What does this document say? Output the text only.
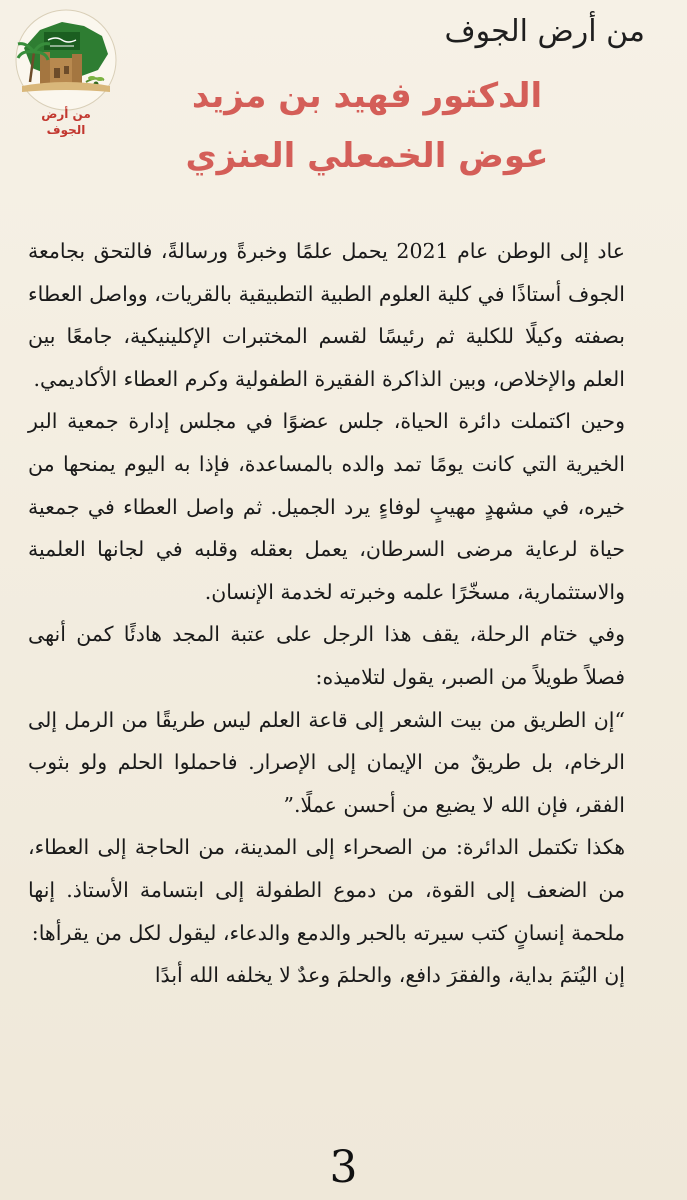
من أرض
الجوف
من أرض الجوف
الدكتور فهيد بن مزيد
عوض الخمعلي العنزي

عاد إلى الوطن عام 2021 يحمل علمًا وخبرةً ورسالةً، فالتحق بجامعة الجوف أستاذًا في كلية العلوم الطبية التطبيقية بالقريات، وواصل العطاء بصفته وكيلًا للكلية ثم رئيسًا لقسم المختبرات الإكلينيكية، جامعًا بين العلم والإخلاص، وبين الذاكرة الفقيرة الطفولية وكرم العطاء الأكاديمي.

وحين اكتملت دائرة الحياة، جلس عضوًا في مجلس إدارة جمعية البر الخيرية التي كانت يومًا تمد والده بالمساعدة، فإذا به اليوم يمنحها من خيره، في مشهدٍ مهيبٍ لوفاءٍ يرد الجميل. ثم واصل العطاء في جمعية حياة لرعاية مرضى السرطان، يعمل بعقله وقلبه في لجانها العلمية والاستثمارية، مسخّرًا علمه وخبرته لخدمة الإنسان.

وفي ختام الرحلة، يقف هذا الرجل على عتبة المجد هادئًا كمن أنهى فصلاً طويلاً من الصبر، يقول لتلاميذه:

“إن الطريق من بيت الشعر إلى قاعة العلم ليس طريقًا من الرمل إلى الرخام، بل طريقٌ من الإيمان إلى الإصرار. فاحملوا الحلم ولو بثوب الفقر، فإن الله لا يضيع من أحسن عملًا.”

هكذا تكتمل الدائرة: من الصحراء إلى المدينة، من الحاجة إلى العطاء، من الضعف إلى القوة، من دموع الطفولة إلى ابتسامة الأستاذ. إنها ملحمة إنسانٍ كتب سيرته بالحبر والدمع والدعاء، ليقول لكل من يقرأها:

إن اليُتمَ بداية، والفقرَ دافع، والحلمَ وعدٌ لا يخلفه الله أبدًا

3
